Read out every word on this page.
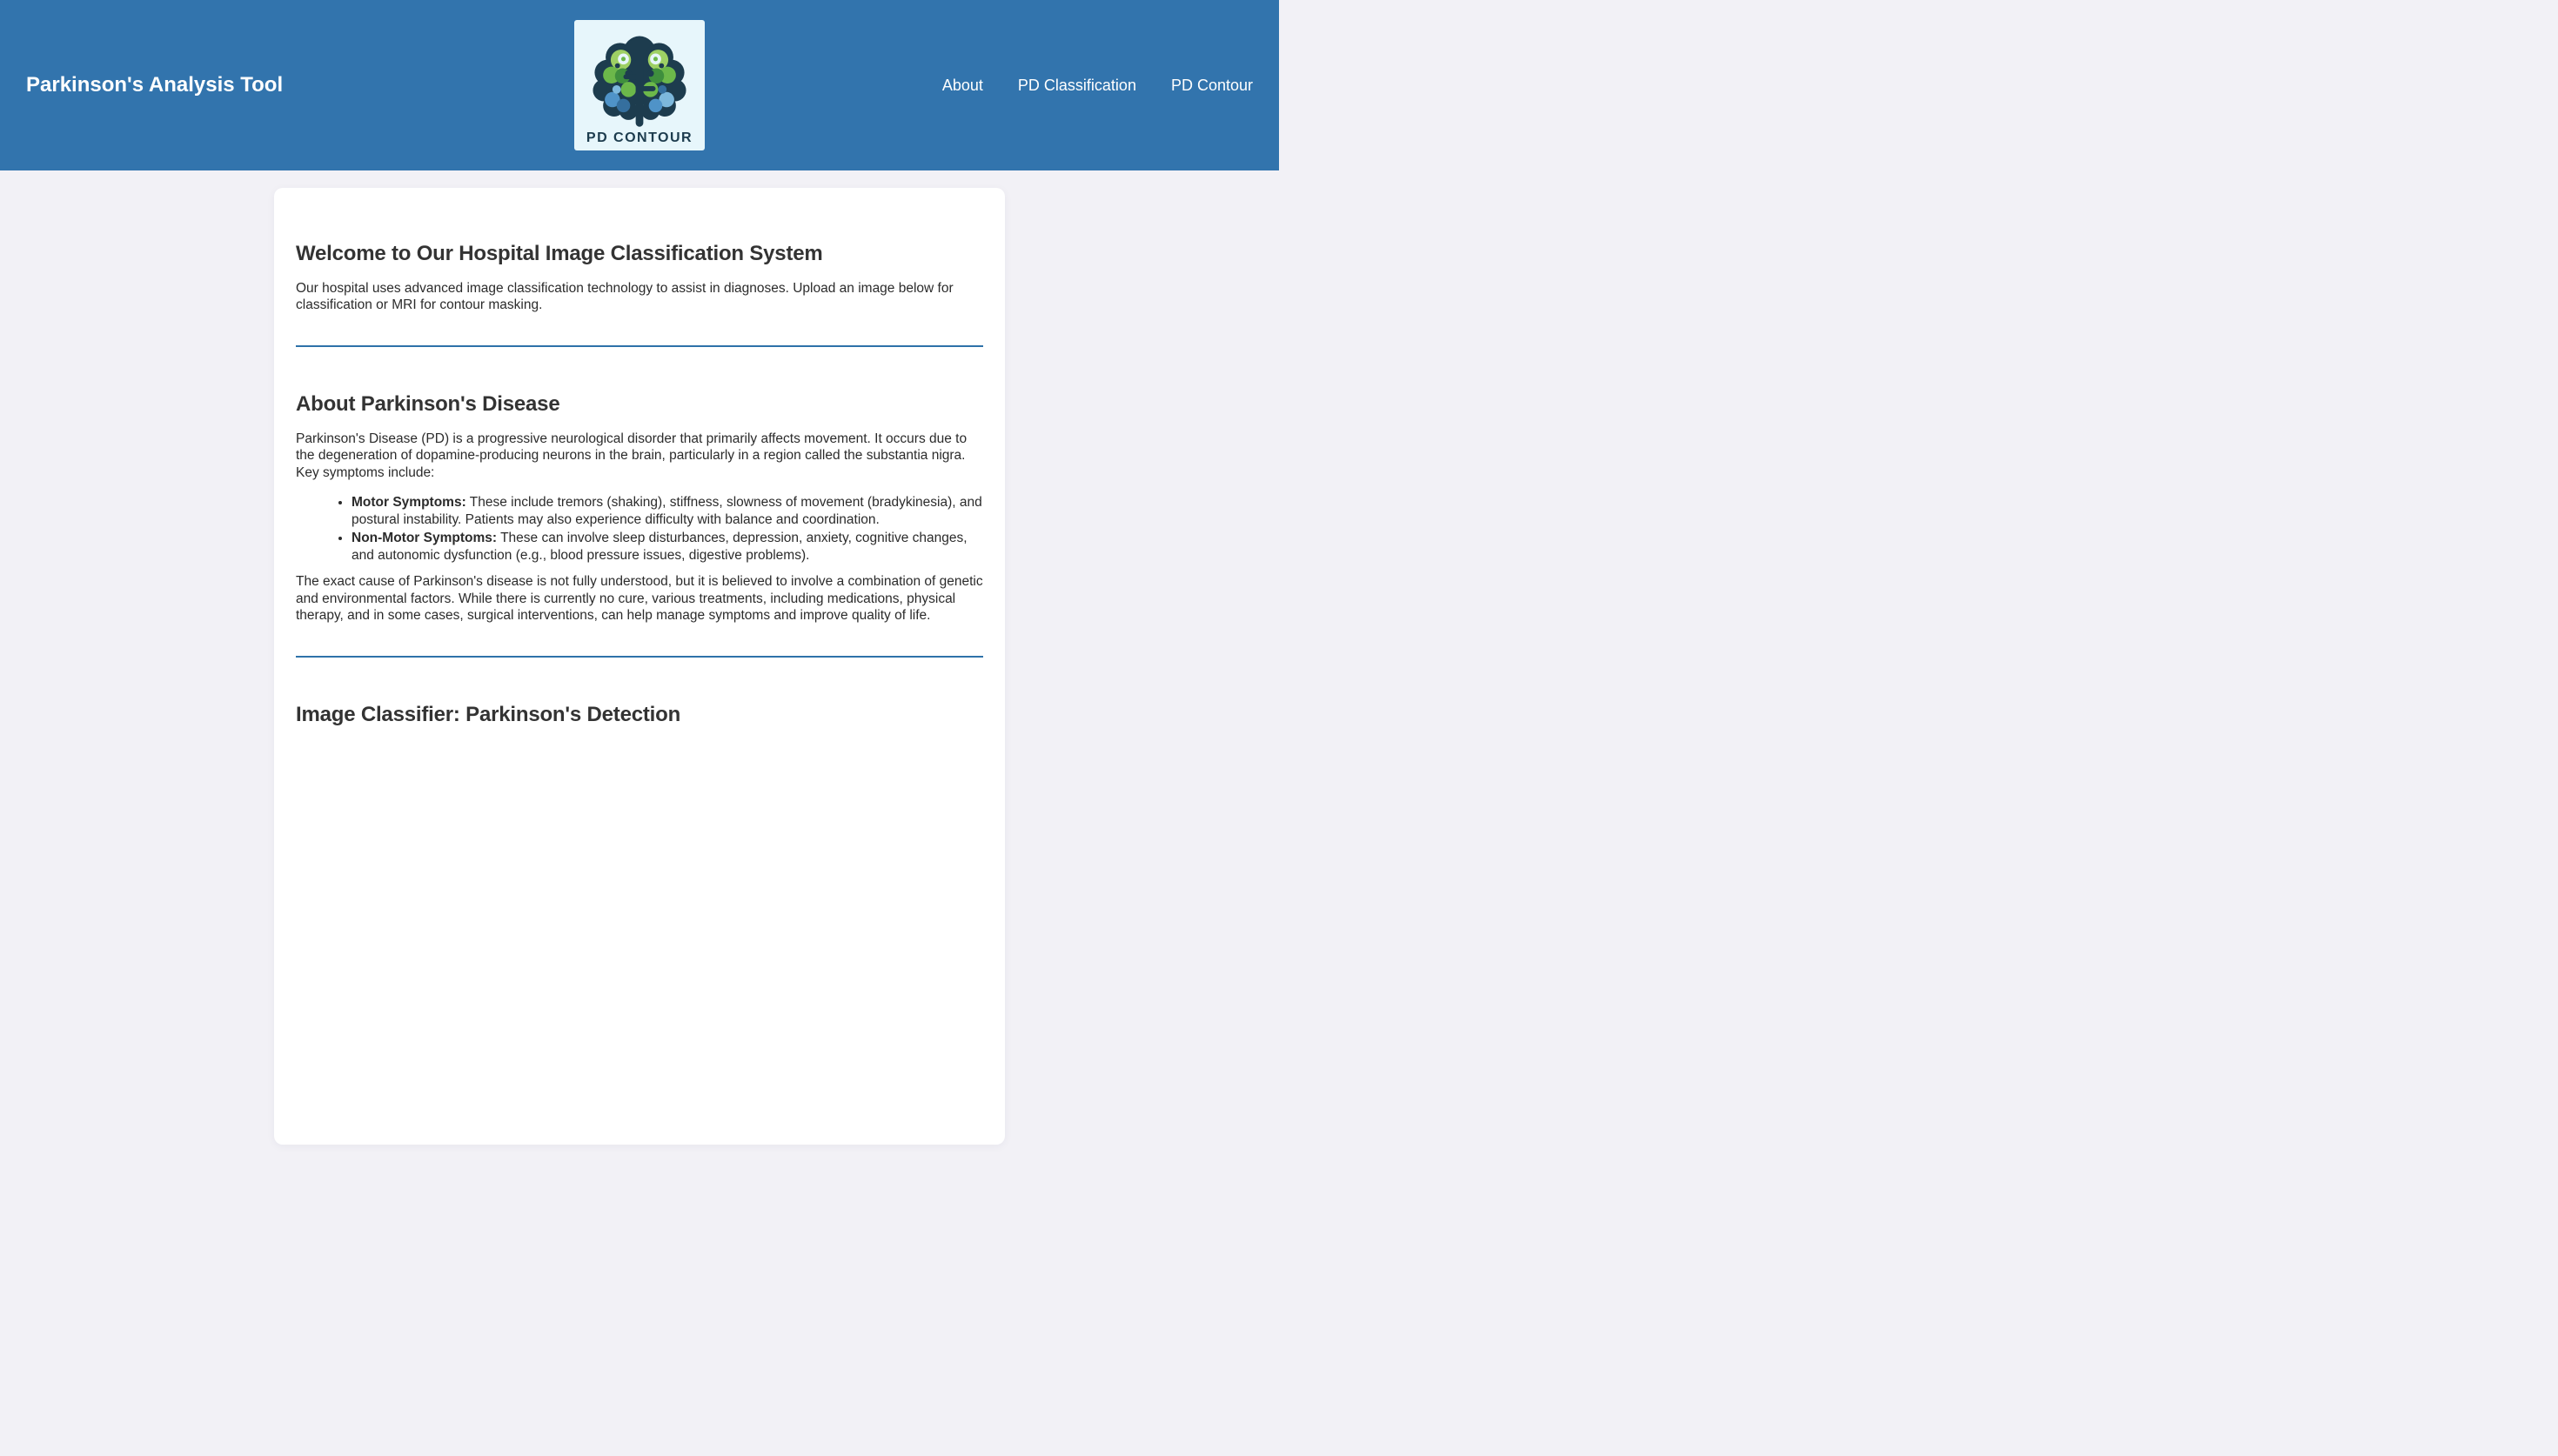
Parkinson's Analysis Tool
PD CONTOUR
About PD Classification PD Contour
Welcome to Our Hospital Image Classification System

Our hospital uses advanced image classification technology to assist in diagnoses. Upload an image below for classification or MRI for contour masking.

About Parkinson's Disease

Parkinson's Disease (PD) is a progressive neurological disorder that primarily affects movement. It occurs due to the degeneration of dopamine-producing neurons in the brain, particularly in a region called the substantia nigra. Key symptoms include:

• Motor Symptoms: These include tremors (shaking), stiffness, slowness of movement (bradykinesia), and postural instability. Patients may also experience difficulty with balance and coordination.
• Non-Motor Symptoms: These can involve sleep disturbances, depression, anxiety, cognitive changes, and autonomic dysfunction (e.g., blood pressure issues, digestive problems).

The exact cause of Parkinson's disease is not fully understood, but it is believed to involve a combination of genetic and environmental factors. While there is currently no cure, various treatments, including medications, physical therapy, and in some cases, surgical interventions, can help manage symptoms and improve quality of life.

Image Classifier: Parkinson's Detection
